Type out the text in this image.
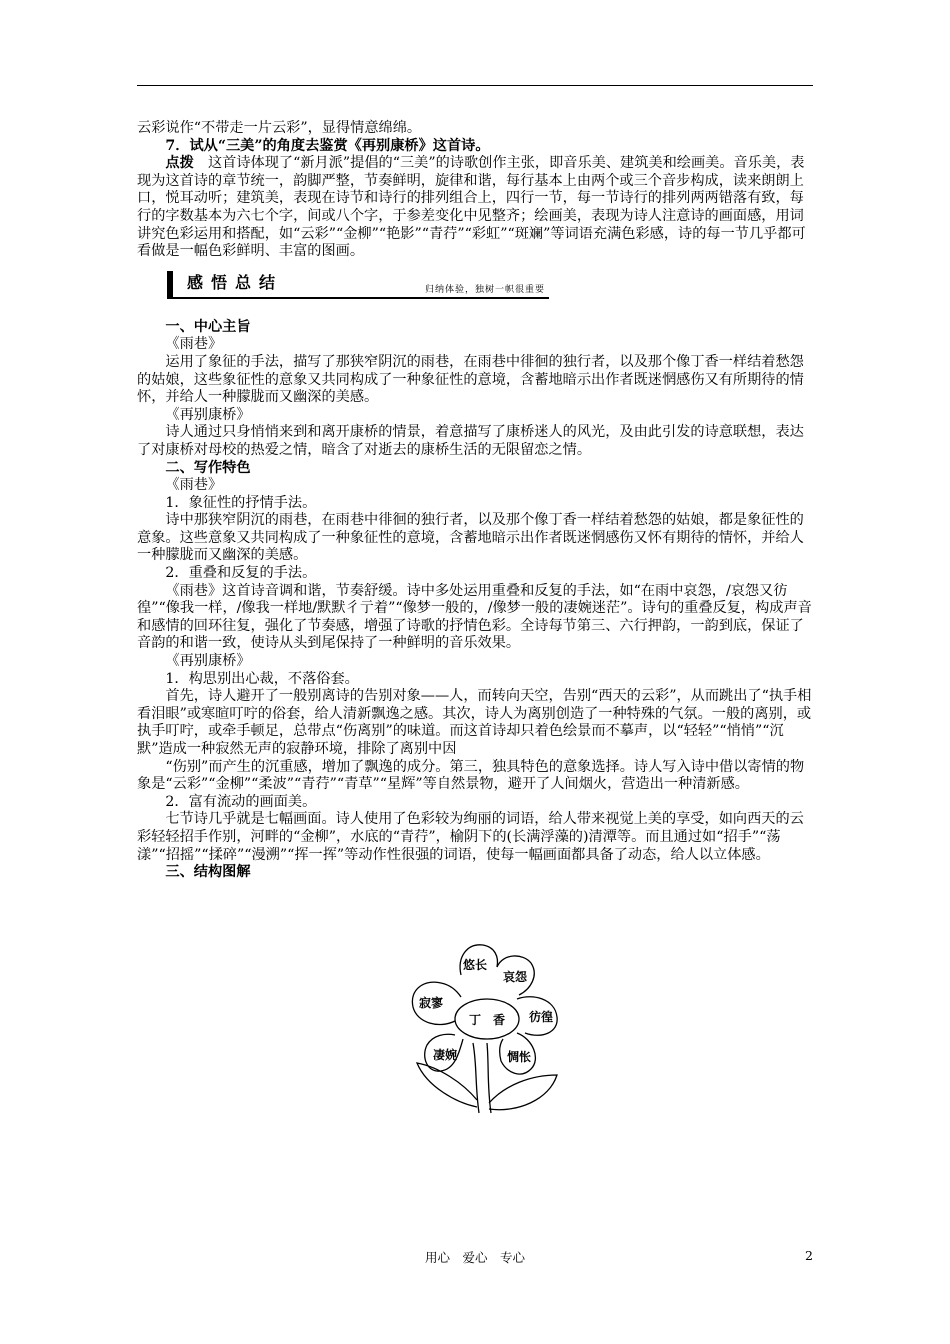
云彩说作“不带走一片云彩”，显得情意绵绵。

7．试从“三美”的角度去鉴赏《再别康桥》这首诗。

点拨　 这首诗体现了“新月派”提倡的“三美”的诗歌创作主张，即音乐美、建筑美和绘画美。音乐美，表现为这首诗的章节统一，韵脚严整，节奏鲜明，旋律和谐，每行基本上由两个或三个音步构成，读来朗朗上口，悦耳动听；建筑美，表现在诗节和诗行的排列组合上，四行一节，每一节诗行的排列两两错落有致，每行的字数基本为六七个字，间或八个字，于参差变化中见整齐；绘画美，表现为诗人注意诗的画面感，用词讲究色彩运用和搭配，如“云彩”“金柳”“艳影”“青荇”“彩虹”“斑斓”等词语充满色彩感，诗的每一节几乎都可看做是一幅色彩鲜明、丰富的图画。

感悟总结	归纳体验，独树一帜很重要

一、中心主旨

《雨巷》

运用了象征的手法，描写了那狭窄阴沉的雨巷，在雨巷中徘徊的独行者，以及那个像丁香一样结着愁怨的姑娘，这些象征性的意象又共同构成了一种象征性的意境，含蓄地暗示出作者既迷惘感伤又有所期待的情怀，并给人一种朦胧而又幽深的美感。

《再别康桥》

诗人通过只身悄悄来到和离开康桥的情景，着意描写了康桥迷人的风光，及由此引发的诗意联想，表达了对康桥对母校的热爱之情，暗含了对逝去的康桥生活的无限留恋之情。

二、写作特色

《雨巷》

1．象征性的抒情手法。

诗中那狭窄阴沉的雨巷，在雨巷中徘徊的独行者，以及那个像丁香一样结着愁怨的姑娘，都是象征性的意象。这些意象又共同构成了一种象征性的意境，含蓄地暗示出作者既迷惘感伤又怀有期待的情怀，并给人一种朦胧而又幽深的美感。

2．重叠和反复的手法。

《雨巷》这首诗音调和谐，节奏舒缓。诗中多处运用重叠和反复的手法，如“在雨中哀怨，/哀怨又彷徨”“像我一样，/像我一样地/默默彳亍着”“像梦一般的，/像梦一般的凄婉迷茫”。诗句的重叠反复，构成声音和感情的回环往复，强化了节奏感，增强了诗歌的抒情色彩。全诗每节第三、六行押韵，一韵到底，保证了音韵的和谐一致，使诗从头到尾保持了一种鲜明的音乐效果。

《再别康桥》

1．构思别出心裁，不落俗套。

首先，诗人避开了一般别离诗的告别对象——人，而转向天空，告别“西天的云彩”，从而跳出了“执手相看泪眼”或寒暄叮咛的俗套，给人清新飘逸之感。其次，诗人为离别创造了一种特殊的气氛。一般的离别，或执手叮咛，或牵手顿足，总带点“伤离别”的味道。而这首诗却只着色绘景而不摹声，以“轻轻”“悄悄”“沉默”造成一种寂然无声的寂静环境，排除了离别中因

“伤别”而产生的沉重感，增加了飘逸的成分。第三，独具特色的意象选择。诗人写入诗中借以寄情的物象是“云彩”“金柳”“柔波”“青荇”“青草”“星辉”等自然景物，避开了人间烟火，营造出一种清新感。

2．富有流动的画面美。

七节诗几乎就是七幅画面。诗人使用了色彩较为绚丽的词语，给人带来视觉上美的享受，如向西天的云彩轻轻招手作别，河畔的“金柳”，水底的“青荇”，榆阴下的(长满浮藻的)清潭等。而且通过如“招手”“荡漾”“招摇”“揉碎”“漫溯”“挥一挥”等动作性很强的词语，使每一幅画面都具备了动态，给人以立体感。

三、结构图解

丁　香
悠长
哀怨
彷徨
惆怅
凄婉
寂寥
用心　爱心　专心	2
